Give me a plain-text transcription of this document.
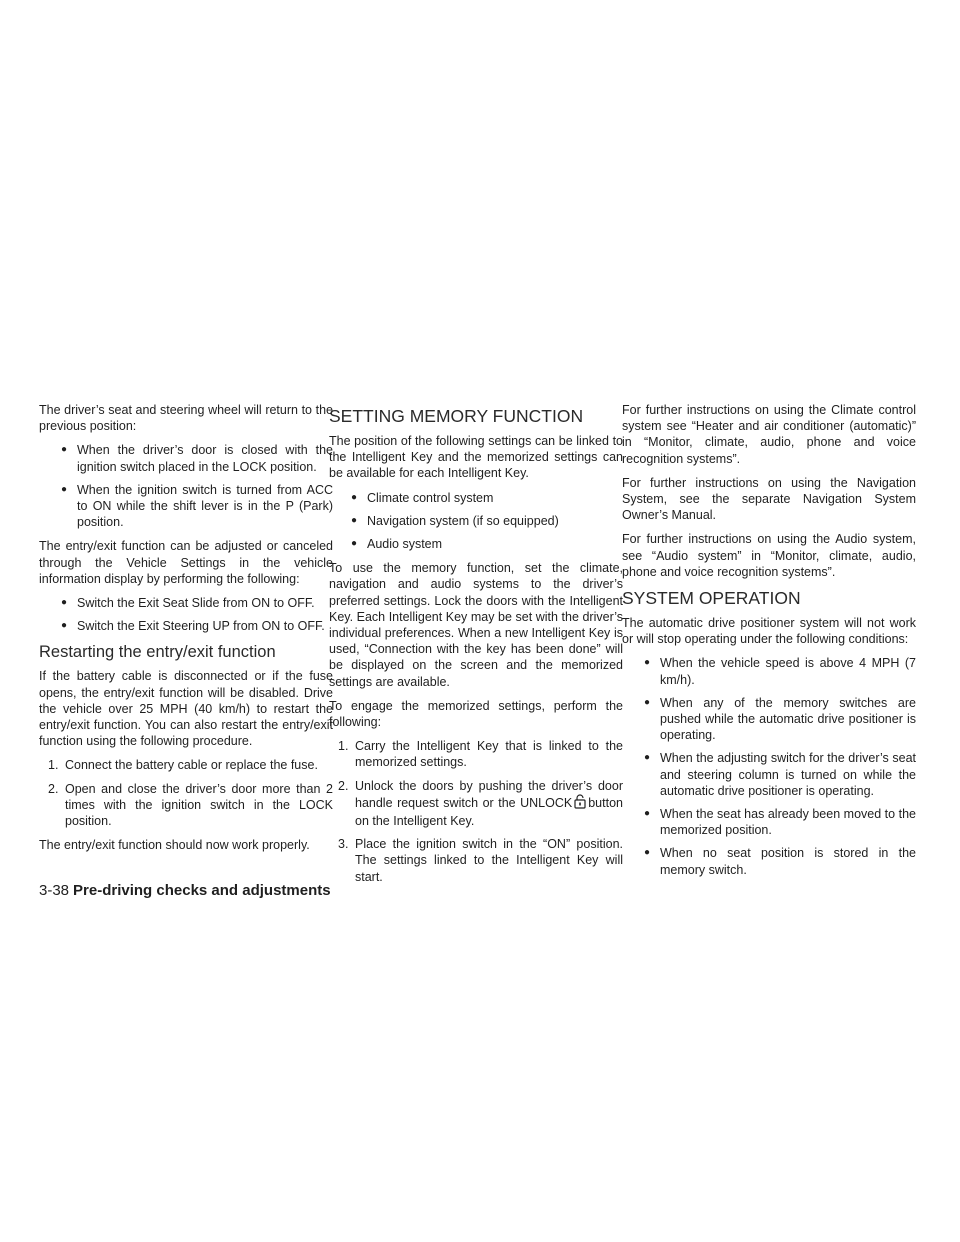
The driver’s seat and steering wheel will return to the previous position:

● When the driver’s door is closed with the ignition switch placed in the LOCK position.
● When the ignition switch is turned from ACC to ON while the shift lever is in the P (Park) position.

The entry/exit function can be adjusted or canceled through the Vehicle Settings in the vehicle information display by performing the following:

● Switch the Exit Seat Slide from ON to OFF.
● Switch the Exit Steering UP from ON to OFF.
Restarting the entry/exit function

If the battery cable is disconnected or if the fuse opens, the entry/exit function will be disabled. Drive the vehicle over 25 MPH (40 km/h) to restart the entry/exit function. You can also restart the entry/exit function using the following procedure.

1. Connect the battery cable or replace the fuse.
2. Open and close the driver’s door more than 2 times with the ignition switch in the LOCK position.

The entry/exit function should now work properly.

SETTING MEMORY FUNCTION

The position of the following settings can be linked to the Intelligent Key and the memorized settings can be available for each Intelligent Key.

● Climate control system
● Navigation system (if so equipped)
● Audio system

To use the memory function, set the climate, navigation and audio systems to the driver’s preferred settings. Lock the doors with the Intelligent Key. Each Intelligent Key may be set with the driver’s individual preferences. When a new Intelligent Key is used, “Connection with the key has been done” will be displayed on the screen and the memorized settings are available.

To engage the memorized settings, perform the following:

1. Carry the Intelligent Key that is linked to the memorized settings.
2. Unlock the doors by pushing the driver’s door handle request switch or the UNLOCK button on the Intelligent Key.
3. Place the ignition switch in the “ON” position. The settings linked to the Intelligent Key will start.

For further instructions on using the Climate control system see “Heater and air conditioner (automatic)” in “Monitor, climate, audio, phone and voice recognition systems”.

For further instructions on using the Navigation System, see the separate Navigation System Owner’s Manual.

For further instructions on using the Audio system, see “Audio system” in “Monitor, climate, audio, phone and voice recognition systems”.

SYSTEM OPERATION

The automatic drive positioner system will not work or will stop operating under the following conditions:

● When the vehicle speed is above 4 MPH (7 km/h).
● When any of the memory switches are pushed while the automatic drive positioner is operating.
● When the adjusting switch for the driver’s seat and steering column is turned on while the automatic drive positioner is operating.
● When the seat has already been moved to the memorized position.
● When no seat position is stored in the memory switch.
3-38 Pre-driving checks and adjustments
